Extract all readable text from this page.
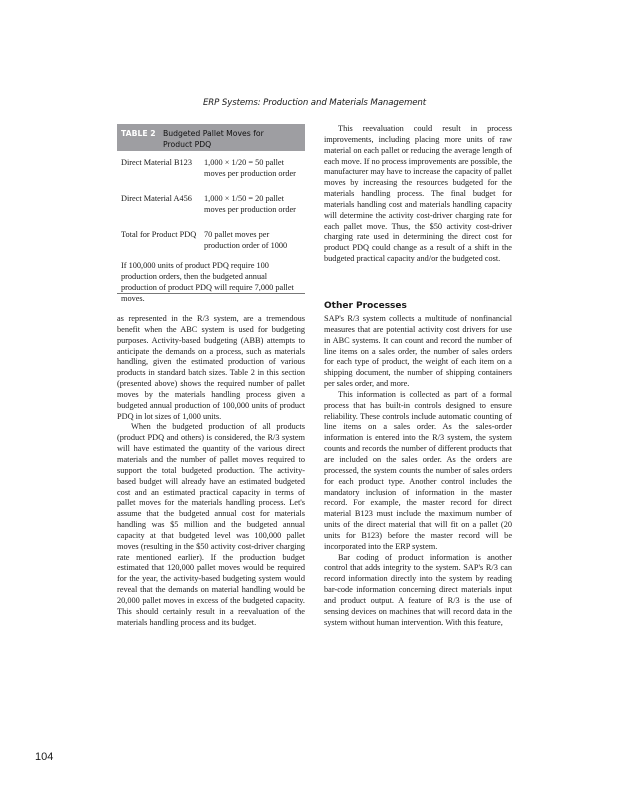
ERP Systems: Production and Materials Management
TABLE 2 Budgeted Pallet Moves for Product PDQ
Direct Material B123	1,000 × 1/20 = 50 pallet moves per production order
Direct Material A456	1,000 × 1/50 = 20 pallet moves per production order
Total for Product PDQ 70 pallet moves per production order of 1000

If 100,000 units of product PDQ require 100 production orders, then the budgeted annual production of product PDQ will require 7,000 pallet moves.

as represented in the R/3 system, are a tremendous benefit when the ABC system is used for budgeting purposes. Activity-based budgeting (ABB) attempts to anticipate the demands on a process, such as materials handling, given the estimated production of various products in standard batch sizes. Table 2 in this section (presented above) shows the required number of pallet moves by the materials handling process given a budgeted annual production of 100,000 units of product PDQ in lot sizes of 1,000 units.

When the budgeted production of all products (product PDQ and others) is considered, the R/3 system will have estimated the quantity of the various direct materials and the number of pallet moves required to support the total budgeted production. The activity-based budget will already have an estimated budgeted cost and an estimated practical capacity in terms of pallet moves for the materials handling process. Let's assume that the budgeted annual cost for materials handling was $5 million and the budgeted annual capacity at that budgeted level was 100,000 pallet moves (resulting in the $50 activity cost-driver charging rate mentioned earlier). If the production budget estimated that 120,000 pallet moves would be required for the year, the activity-based budgeting system would reveal that the demands on material handling would be 20,000 pallet moves in excess of the budgeted capacity. This should certainly result in a reevaluation of the materials handling process and its budget.

This reevaluation could result in process improvements, including placing more units of raw material on each pallet or reducing the average length of each move. If no process improvements are possible, the manufacturer may have to increase the capacity of pallet moves by increasing the resources budgeted for the materials handling process. The final budget for materials handling cost and materials handling capacity will determine the activity cost-driver charging rate for each pallet move. Thus, the $50 activity cost-driver charging rate used in determining the direct cost for product PDQ could change as a result of a shift in the budgeted practical capacity and/or the budgeted cost.

Other Processes

SAP's R/3 system collects a multitude of nonfinancial measures that are potential activity cost drivers for use in ABC systems. It can count and record the number of line items on a sales order, the number of sales orders for each type of product, the weight of each item on a shipping document, the number of shipping containers per sales order, and more.

This information is collected as part of a formal process that has built-in controls designed to ensure reliability. These controls include automatic counting of line items on a sales order. As the sales-order information is entered into the R/3 system, the system counts and records the number of different products that are included on the sales order. As the orders are processed, the system counts the number of sales orders for each product type. Another control includes the mandatory inclusion of information in the master record. For example, the master record for direct material B123 must include the maximum number of units of the direct material that will fit on a pallet (20 units for B123) before the master record will be incorporated into the ERP system.

Bar coding of product information is another control that adds integrity to the system. SAP's R/3 can record information directly into the system by reading bar-code information concerning direct materials input and product output. A feature of R/3 is the use of sensing devices on machines that will record data in the system without human intervention. With this feature,

104
